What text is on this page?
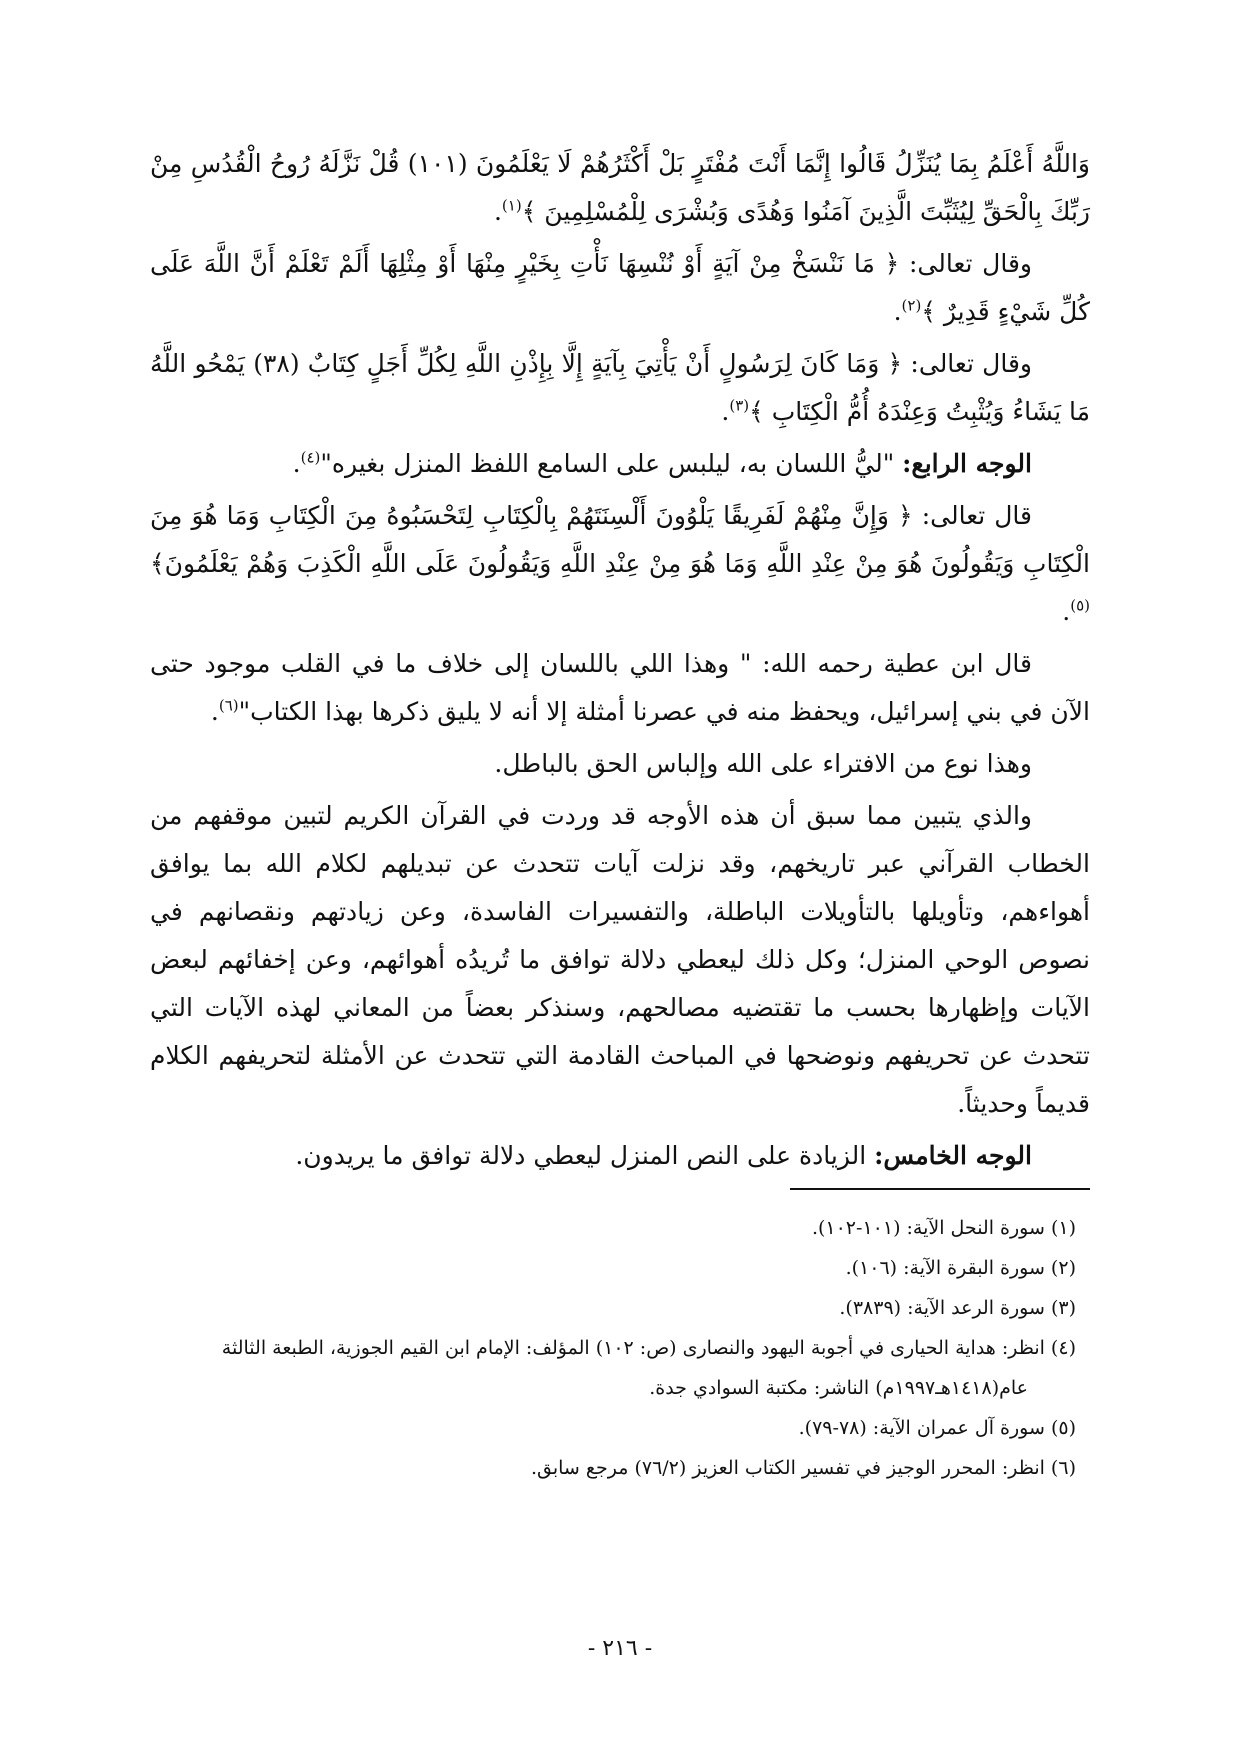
وَاللَّهُ أَعْلَمُ بِمَا يُنَزِّلُ قَالُوا إِنَّمَا أَنْتَ مُفْتَرٍ بَلْ أَكْثَرُهُمْ لَا يَعْلَمُونَ (١٠١) قُلْ نَزَّلَهُ رُوحُ الْقُدُسِ مِنْ رَبِّكَ بِالْحَقِّ لِيُثَبِّتَ الَّذِينَ آمَنُوا وَهُدًى وَبُشْرَى لِلْمُسْلِمِينَ ﴾$^{(١)}$.

وقال تعالى: ﴿ مَا نَنْسَخْ مِنْ آيَةٍ أَوْ نُنْسِهَا نَأْتِ بِخَيْرٍ مِنْهَا أَوْ مِثْلِهَا أَلَمْ تَعْلَمْ أَنَّ اللَّهَ عَلَى كُلِّ شَيْءٍ قَدِيرٌ ﴾$^{(٢)}$.

وقال تعالى: ﴿ وَمَا كَانَ لِرَسُولٍ أَنْ يَأْتِيَ بِآيَةٍ إِلَّا بِإِذْنِ اللَّهِ لِكُلِّ أَجَلٍ كِتَابٌ (٣٨) يَمْحُو اللَّهُ مَا يَشَاءُ وَيُثْبِتُ وَعِنْدَهُ أُمُّ الْكِتَابِ ﴾$^{(٣)}$.

الوجه الرابع: "ليُّ اللسان به، ليلبس على السامع اللفظ المنزل بغيره"$^{(٤)}$.

قال تعالى: ﴿ وَإِنَّ مِنْهُمْ لَفَرِيقًا يَلْوُونَ أَلْسِنَتَهُمْ بِالْكِتَابِ لِتَحْسَبُوهُ مِنَ الْكِتَابِ وَمَا هُوَ مِنَ الْكِتَابِ وَيَقُولُونَ هُوَ مِنْ عِنْدِ اللَّهِ وَمَا هُوَ مِنْ عِنْدِ اللَّهِ وَيَقُولُونَ عَلَى اللَّهِ الْكَذِبَ وَهُمْ يَعْلَمُونَ﴾$^{(٥)}$.

قال ابن عطية رحمه الله: " وهذا اللي باللسان إلى خلاف ما في القلب موجود حتى الآن في بني إسرائيل، ويحفظ منه في عصرنا أمثلة إلا أنه لا يليق ذكرها بهذا الكتاب"$^{(٦)}$.

وهذا نوع من الافتراء على الله وإلباس الحق بالباطل.

والذي يتبين مما سبق أن هذه الأوجه قد وردت في القرآن الكريم لتبين موقفهم من الخطاب القرآني عبر تاريخهم، وقد نزلت آيات تتحدث عن تبديلهم لكلام الله بما يوافق أهواءهم، وتأويلها بالتأويلات الباطلة، والتفسيرات الفاسدة، وعن زيادتهم ونقصانهم في نصوص الوحي المنزل؛ وكل ذلك ليعطي دلالة توافق ما تُريدُه أهوائهم، وعن إخفائهم لبعض الآيات وإظهارها بحسب ما تقتضيه مصالحهم، وسنذكر بعضاً من المعاني لهذه الآيات التي تتحدث عن تحريفهم ونوضحها في المباحث القادمة التي تتحدث عن الأمثلة لتحريفهم الكلام قديماً وحديثاً.

الوجه الخامس: الزيادة على النص المنزل ليعطي دلالة توافق ما يريدون.

(١) سورة النحل الآية: (١٠١-١٠٢).

(٢) سورة البقرة الآية: (١٠٦).

(٣) سورة الرعد الآية: (٣٨٣٩).

(٤) انظر: هداية الحيارى في أجوبة اليهود والنصارى (ص: ١٠٢) المؤلف: الإمام ابن القيم الجوزية، الطبعة الثالثة

عام(١٤١٨هـ١٩٩٧م) الناشر: مكتبة السوادي جدة.

(٥) سورة آل عمران الآية: (٧٨-٧٩).

(٦) انظر: المحرر الوجيز في تفسير الكتاب العزيز (٧٦/٢) مرجع سابق.

- ٢١٦ -
